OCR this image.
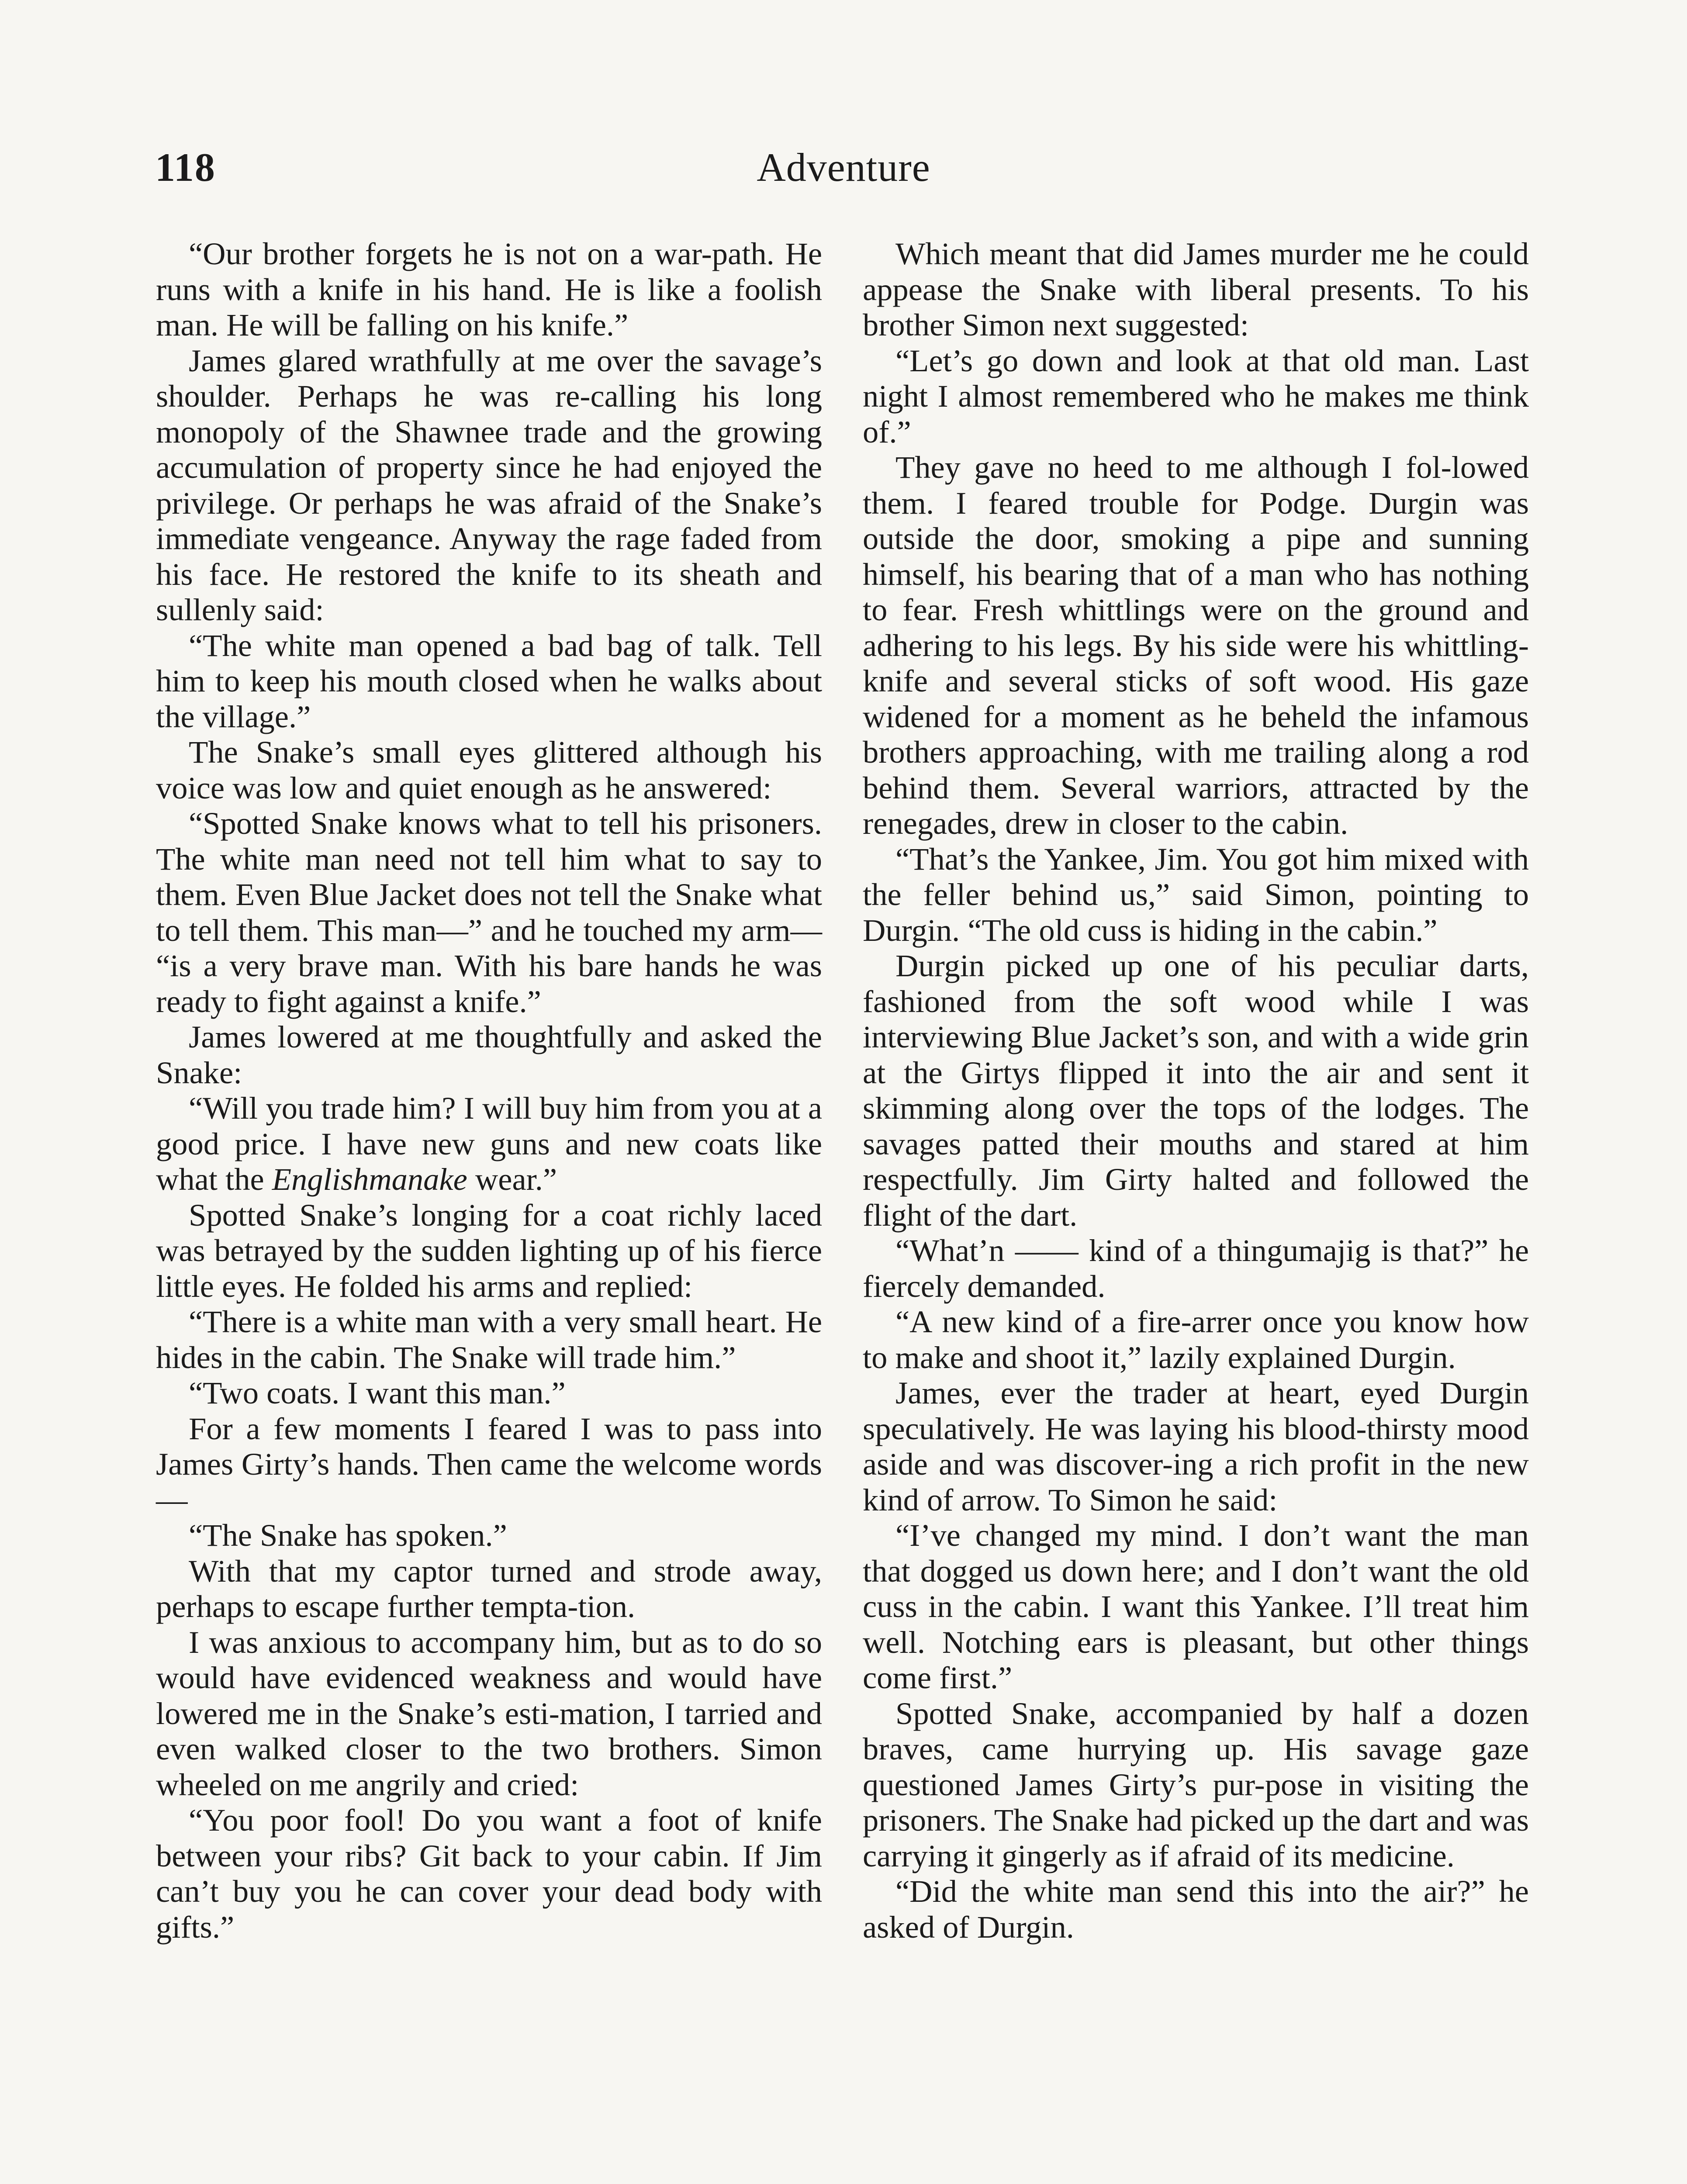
118	Adventure

“Our brother forgets he is not on a war-path. He runs with a knife in his hand. He is like a foolish man. He will be falling on his knife.”

James glared wrathfully at me over the savage’s shoulder. Perhaps he was re-calling his long monopoly of the Shawnee trade and the growing accumulation of property since he had enjoyed the privilege. Or perhaps he was afraid of the Snake’s immediate vengeance. Anyway the rage faded from his face. He restored the knife to its sheath and sullenly said:

“The white man opened a bad bag of talk. Tell him to keep his mouth closed when he walks about the village.”

The Snake’s small eyes glittered although his voice was low and quiet enough as he answered:

“Spotted Snake knows what to tell his prisoners. The white man need not tell him what to say to them. Even Blue Jacket does not tell the Snake what to tell them. This man—” and he touched my arm— “is a very brave man. With his bare hands he was ready to fight against a knife.”

James lowered at me thoughtfully and asked the Snake:

“Will you trade him? I will buy him from you at a good price. I have new guns and new coats like what the Englishmanake wear.”

Spotted Snake’s longing for a coat richly laced was betrayed by the sudden lighting up of his fierce little eyes. He folded his arms and replied:

“There is a white man with a very small heart. He hides in the cabin. The Snake will trade him.”

“Two coats. I want this man.”

For a few moments I feared I was to pass into James Girty’s hands. Then came the welcome words—

“The Snake has spoken.”

With that my captor turned and strode away, perhaps to escape further tempta-tion.

I was anxious to accompany him, but as to do so would have evidenced weakness and would have lowered me in the Snake’s esti-mation, I tarried and even walked closer to the two brothers. Simon wheeled on me angrily and cried:

“You poor fool! Do you want a foot of knife between your ribs? Git back to your cabin. If Jim can’t buy you he can cover your dead body with gifts.”

Which meant that did James murder me he could appease the Snake with liberal presents. To his brother Simon next suggested:

“Let’s go down and look at that old man. Last night I almost remembered who he makes me think of.”

They gave no heed to me although I fol-lowed them. I feared trouble for Podge. Durgin was outside the door, smoking a pipe and sunning himself, his bearing that of a man who has nothing to fear. Fresh whittlings were on the ground and adhering to his legs. By his side were his whittling-knife and several sticks of soft wood. His gaze widened for a moment as he beheld the infamous brothers approaching, with me trailing along a rod behind them. Several warriors, attracted by the renegades, drew in closer to the cabin.

“That’s the Yankee, Jim. You got him mixed with the feller behind us,” said Simon, pointing to Durgin. “The old cuss is hiding in the cabin.”

Durgin picked up one of his peculiar darts, fashioned from the soft wood while I was interviewing Blue Jacket’s son, and with a wide grin at the Girtys flipped it into the air and sent it skimming along over the tops of the lodges. The savages patted their mouths and stared at him respectfully. Jim Girty halted and followed the flight of the dart.

“What’n —— kind of a thingumajig is that?” he fiercely demanded.

“A new kind of a fire-arrer once you know how to make and shoot it,” lazily explained Durgin.

James, ever the trader at heart, eyed Durgin speculatively. He was laying his blood-thirsty mood aside and was discover-ing a rich profit in the new kind of arrow. To Simon he said:

“I’ve changed my mind. I don’t want the man that dogged us down here; and I don’t want the old cuss in the cabin. I want this Yankee. I’ll treat him well. Notching ears is pleasant, but other things come first.”

Spotted Snake, accompanied by half a dozen braves, came hurrying up. His savage gaze questioned James Girty’s pur-pose in visiting the prisoners. The Snake had picked up the dart and was carrying it gingerly as if afraid of its medicine.

“Did the white man send this into the air?” he asked of Durgin.
